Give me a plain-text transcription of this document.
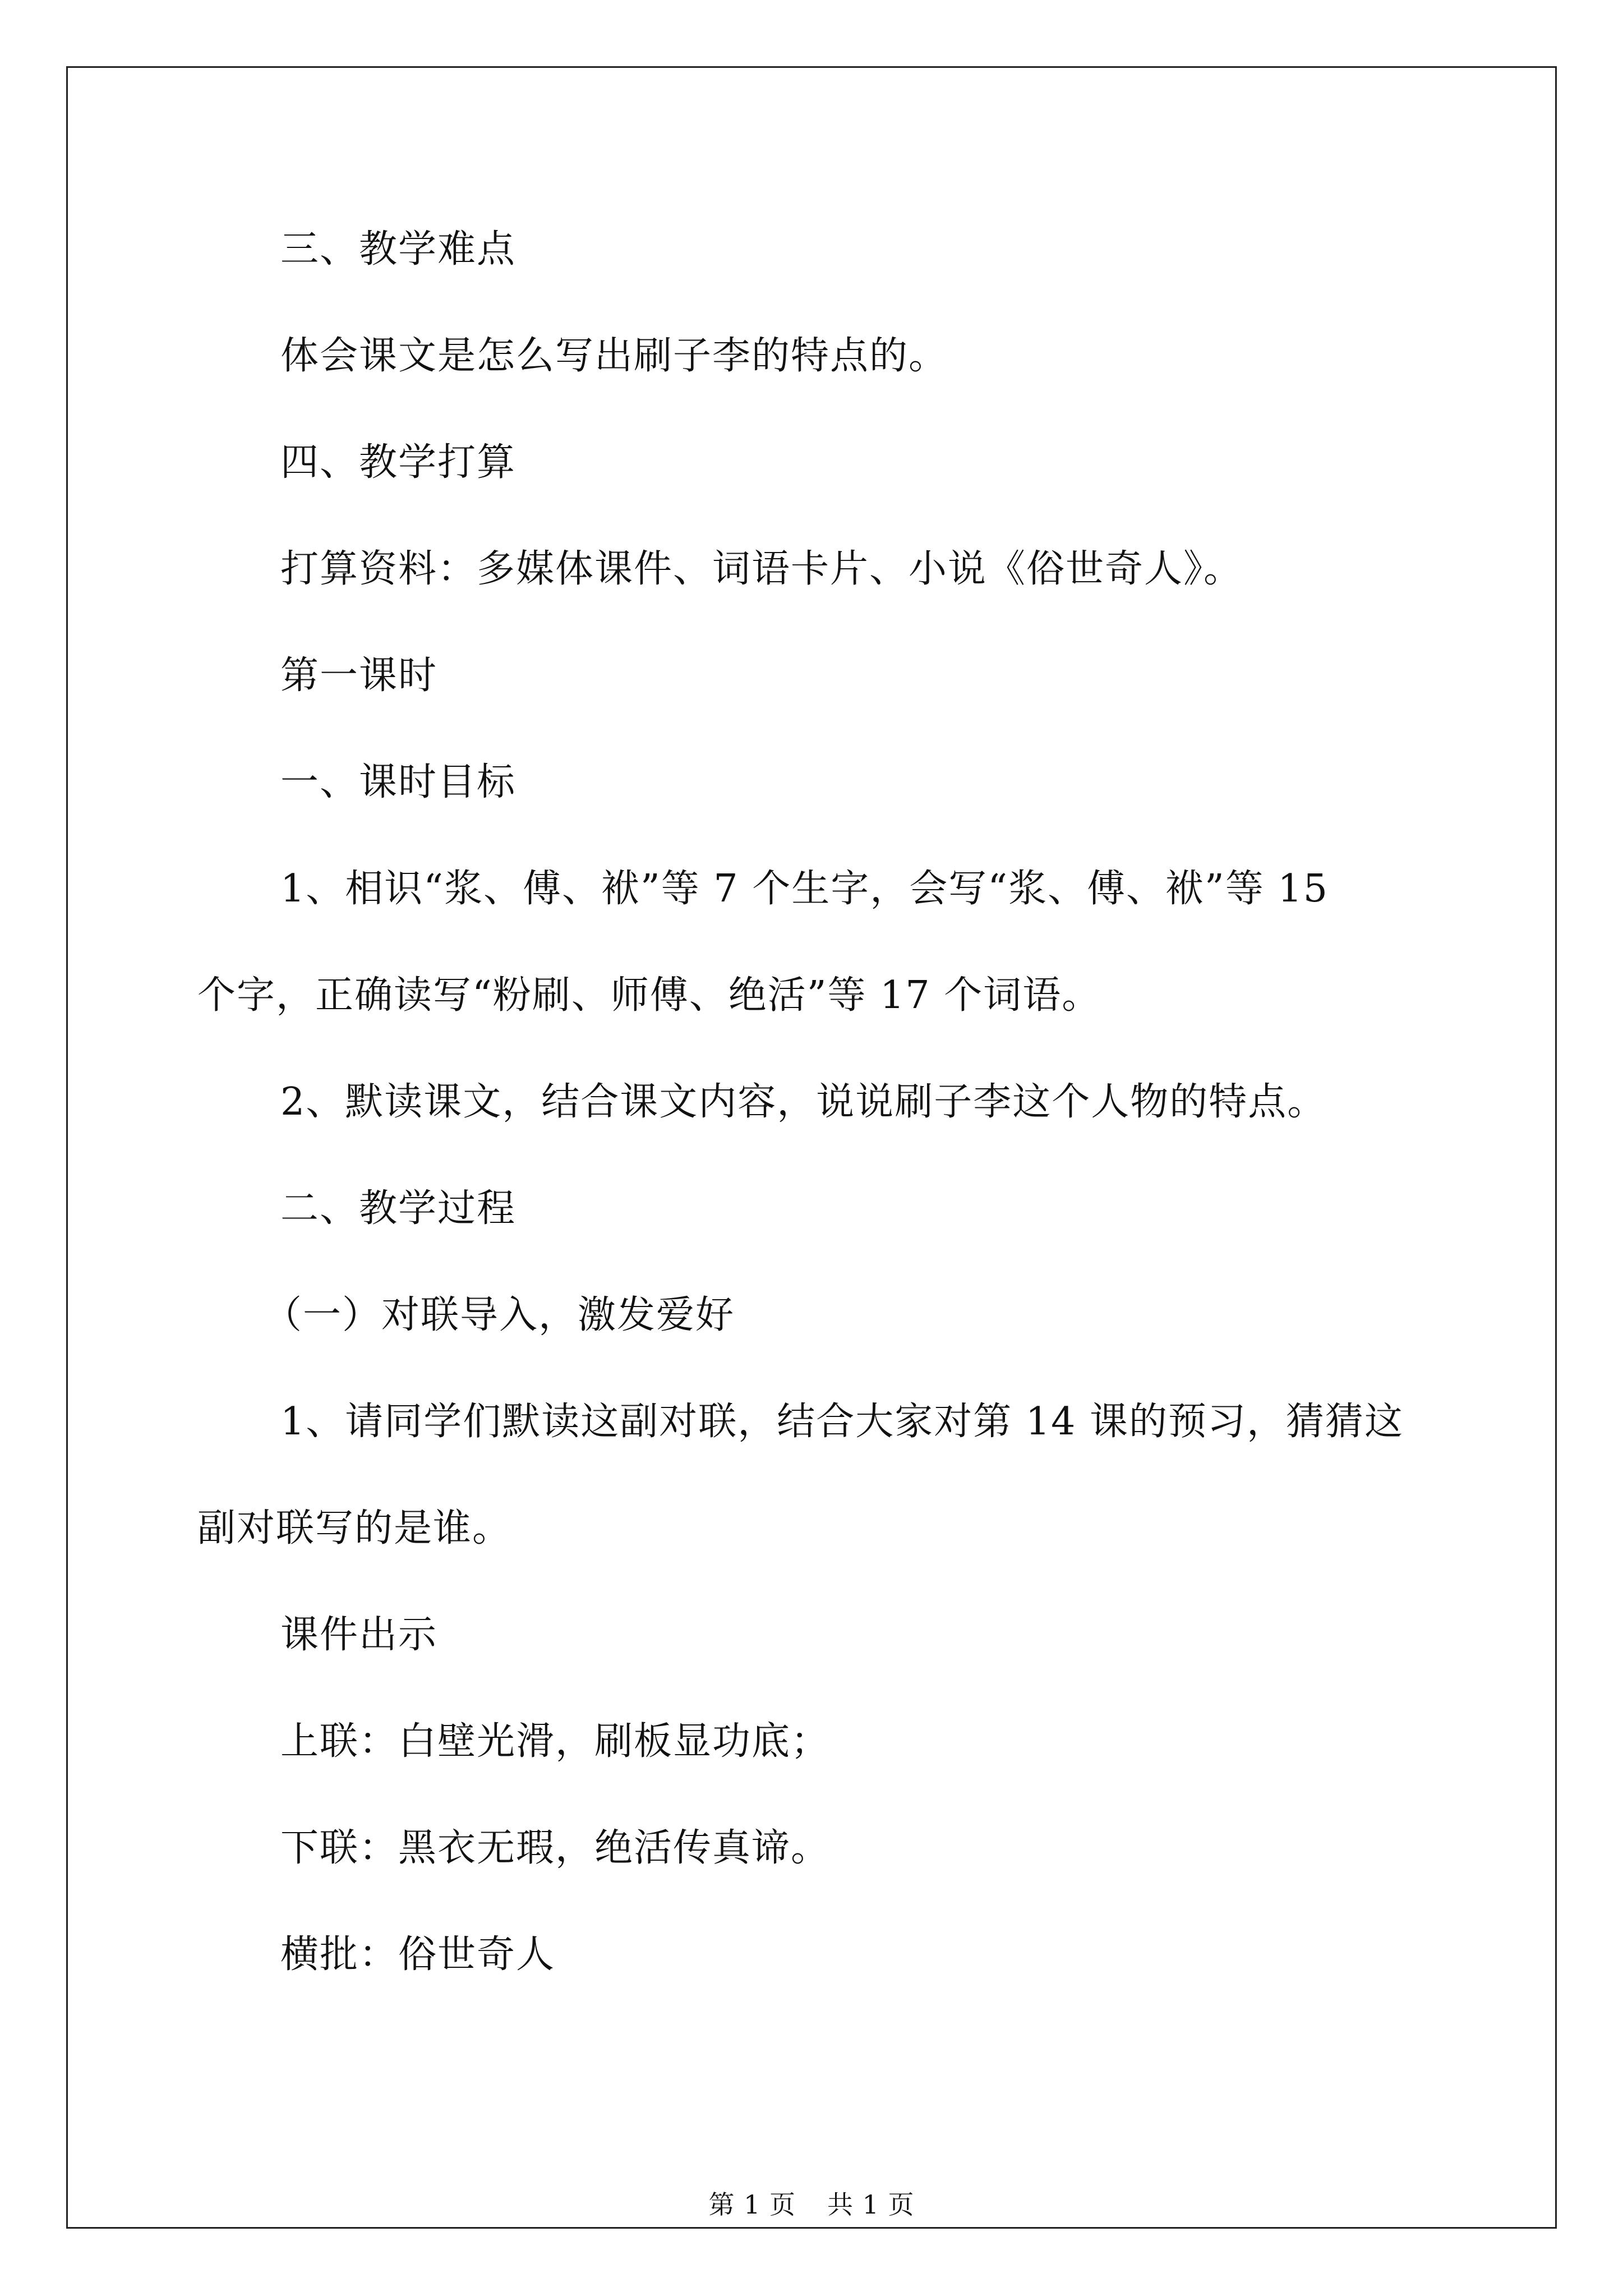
三、教学难点
体会课文是怎么写出刷子李的特点的。
四、教学打算
打算资料：多媒体课件、词语卡片、小说《俗世奇人》。
第一课时
一、课时目标
1、相识“浆、傅、袱”等 7 个生字，会写“浆、傅、袱”等 15
个字，正确读写“粉刷、师傅、绝活”等 17 个词语。
2、默读课文，结合课文内容，说说刷子李这个人物的特点。
二、教学过程
（一）对联导入，激发爱好
1、请同学们默读这副对联，结合大家对第 14 课的预习，猜猜这
副对联写的是谁。
课件出示
上联：白壁光滑，刷板显功底；
下联：黑衣无瑕，绝活传真谛。
横批：俗世奇人
第 1 页 共 1 页
